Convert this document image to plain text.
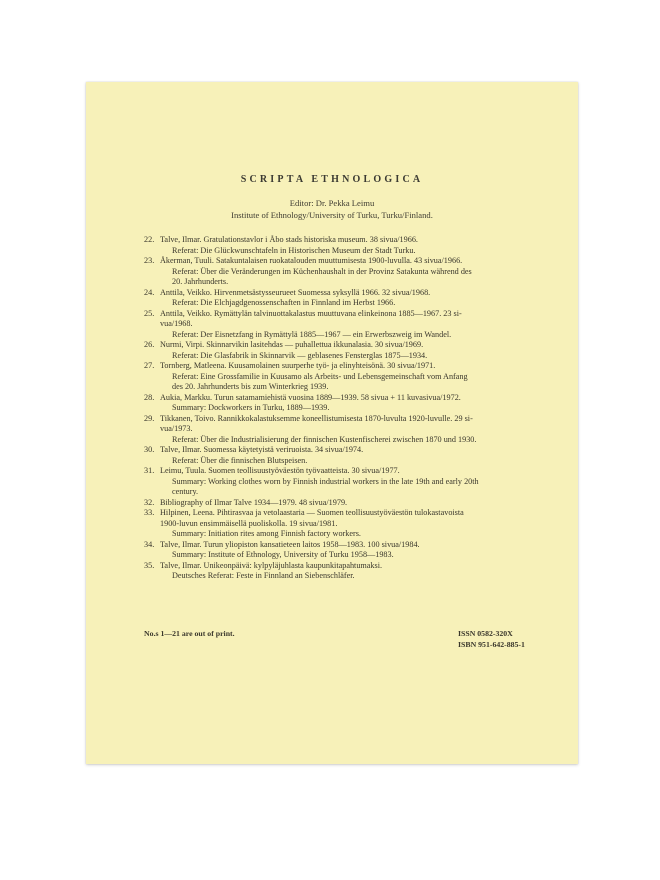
SCRIPTA ETHNOLOGICA
Editor: Dr. Pekka Leimu
Institute of Ethnology/University of Turku, Turku/Finland.
22. Talve, Ilmar. Gratulationstavlor i Åbo stads historiska museum. 38 sivua/1966.
Referat: Die Glückwunschtafeln in Historischen Museum der Stadt Turku.
23. Åkerman, Tuuli. Satakuntalaisen ruokatalouden muuttumisesta 1900-luvulla. 43 sivua/1966.
Referat: Über die Veränderungen im Küchenhaushalt in der Provinz Satakunta während des
20. Jahrhunderts.
24. Anttila, Veikko. Hirvenmetsästysseurueet Suomessa syksyllä 1966. 32 sivua/1968.
Referat: Die Elchjagdgenossenschaften in Finnland im Herbst 1966.
25. Anttila, Veikko. Rymättylän talvinuottakalastus muuttuvana elinkeinona 1885—1967. 23 si-
vua/1968.
Referat: Der Eisnetzfang in Rymättylä 1885—1967 — ein Erwerbszweig im Wandel.
26. Nurmi, Virpi. Skinnarvikin lasitehdas — puhallettua ikkunalasia. 30 sivua/1969.
Referat: Die Glasfabrik in Skinnarvik — geblasenes Fensterglas 1875—1934.
27. Tornberg, Matleena. Kuusamolainen suurperhe työ- ja elinyhteisönä. 30 sivua/1971.
Referat: Eine Grossfamilie in Kuusamo als Arbeits- und Lebensgemeinschaft vom Anfang
des 20. Jahrhunderts bis zum Winterkrieg 1939.
28. Aukia, Markku. Turun satamamiehistä vuosina 1889—1939. 58 sivua + 11 kuvasivua/1972.
Summary: Dockworkers in Turku, 1889—1939.
29. Tikkanen, Toivo. Rannikkokalastuksemme koneellistumisesta 1870-luvulta 1920-luvulle. 29 si-
vua/1973.
Referat: Über die Industrialisierung der finnischen Kustenfischerei zwischen 1870 und 1930.
30. Talve, Ilmar. Suomessa käytetyistä veriruoista. 34 sivua/1974.
Referat: Über die finnischen Blutspeisen.
31. Leimu, Tuula. Suomen teollisuustyöväestön työvaatteista. 30 sivua/1977.
Summary: Working clothes worn by Finnish industrial workers in the late 19th and early 20th
century.
32. Bibliography of Ilmar Talve 1934—1979. 48 sivua/1979.
33. Hilpinen, Leena. Pihtirasvaa ja vetolaastaria — Suomen teollisuustyöväestön tulokastavoista
1900-luvun ensimmäisellä puoliskolla. 19 sivua/1981.
Summary: Initiation rites among Finnish factory workers.
34. Talve, Ilmar. Turun yliopiston kansatieteen laitos 1958—1983. 100 sivua/1984.
Summary: Institute of Ethnology, University of Turku 1958—1983.
35. Talve, Ilmar. Unikeonpäivä: kylpyläjuhlasta kaupunkitapahtumaksi.
Deutsches Referat: Feste in Finnland an Siebenschläfer.
No.s 1—21 are out of print.	ISSN 0582-320X
ISBN 951-642-885-1
